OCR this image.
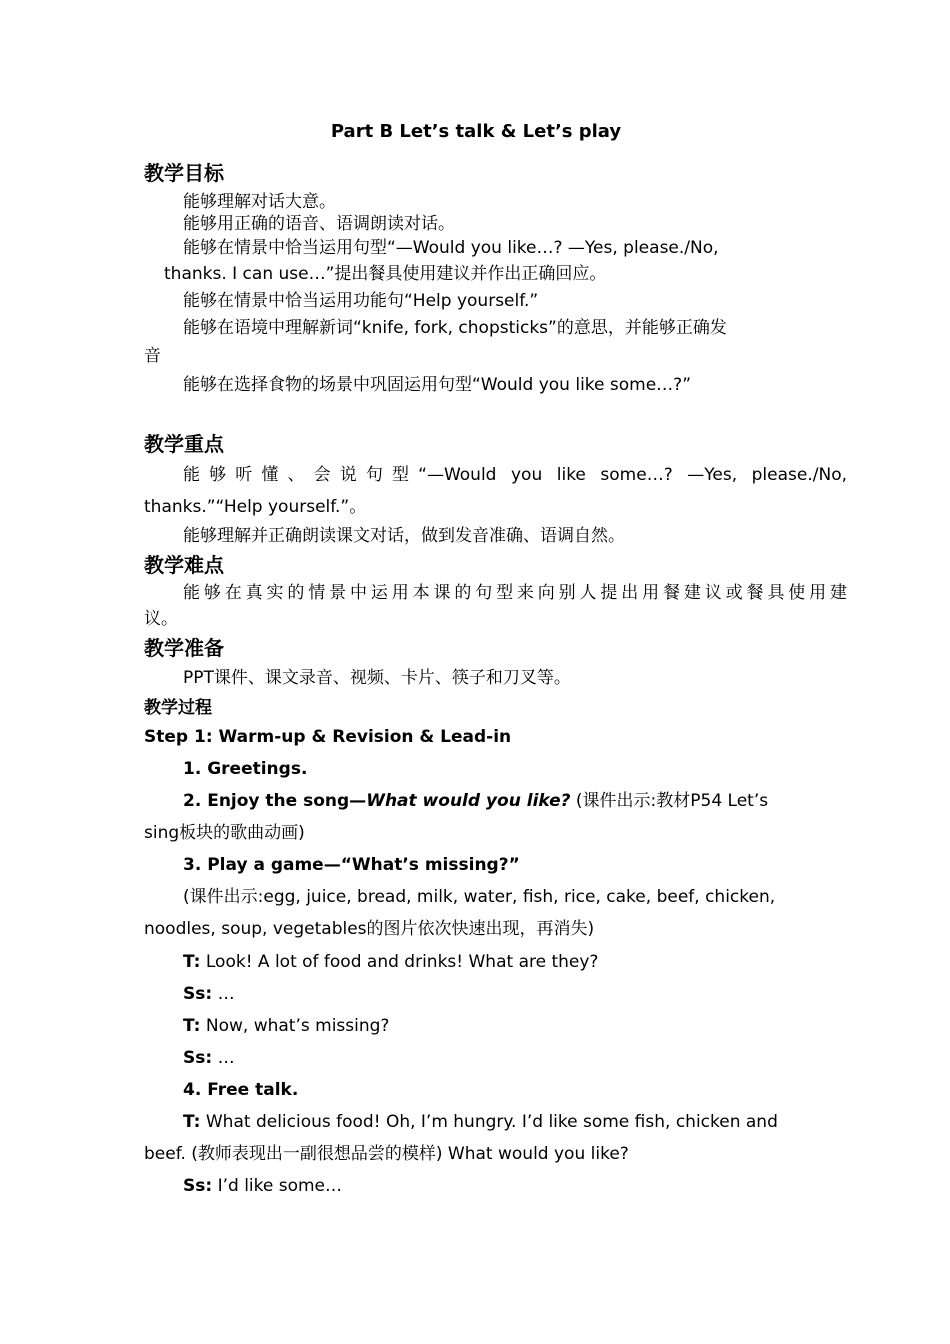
Part B Let’s talk & Let’s play
教学目标
能够理解对话大意。
能够用正确的语音、语调朗读对话。
能够在情景中恰当运用句型“—Would you like…? —Yes, please./No,
thanks. I can use…”提出餐具使用建议并作出正确回应。
能够在情景中恰当运用功能句“Help yourself.”
能够在语境中理解新词“knife, fork, chopsticks”的意思，并能够正确发
音
能够在选择食物的场景中巩固运用句型“Would you like some…?”
教学重点
能够听懂、会说句型“—Would you like some…? —Yes, please./No,
thanks.”“Help yourself.”。
能够理解并正确朗读课文对话，做到发音准确、语调自然。
教学难点
能够在真实的情景中运用本课的句型来向别人提出用餐建议或餐具使用建
议。
教学准备
PPT课件、课文录音、视频、卡片、筷子和刀叉等。
教学过程
Step 1: Warm-up & Revision & Lead-in
1. Greetings.
2. Enjoy the song—What would you like? (课件出示:教材P54 Let’s
sing板块的歌曲动画)
3. Play a game—“What’s missing?”
(课件出示:egg, juice, bread, milk, water, fish, rice, cake, beef, chicken,
noodles, soup, vegetables的图片依次快速出现，再消失)
T: Look! A lot of food and drinks! What are they?
Ss: …
T: Now, what’s missing?
Ss: …
4. Free talk.
T: What delicious food! Oh, I’m hungry. I’d like some fish, chicken and
beef. (教师表现出一副很想品尝的模样) What would you like?
Ss: I’d like some…
